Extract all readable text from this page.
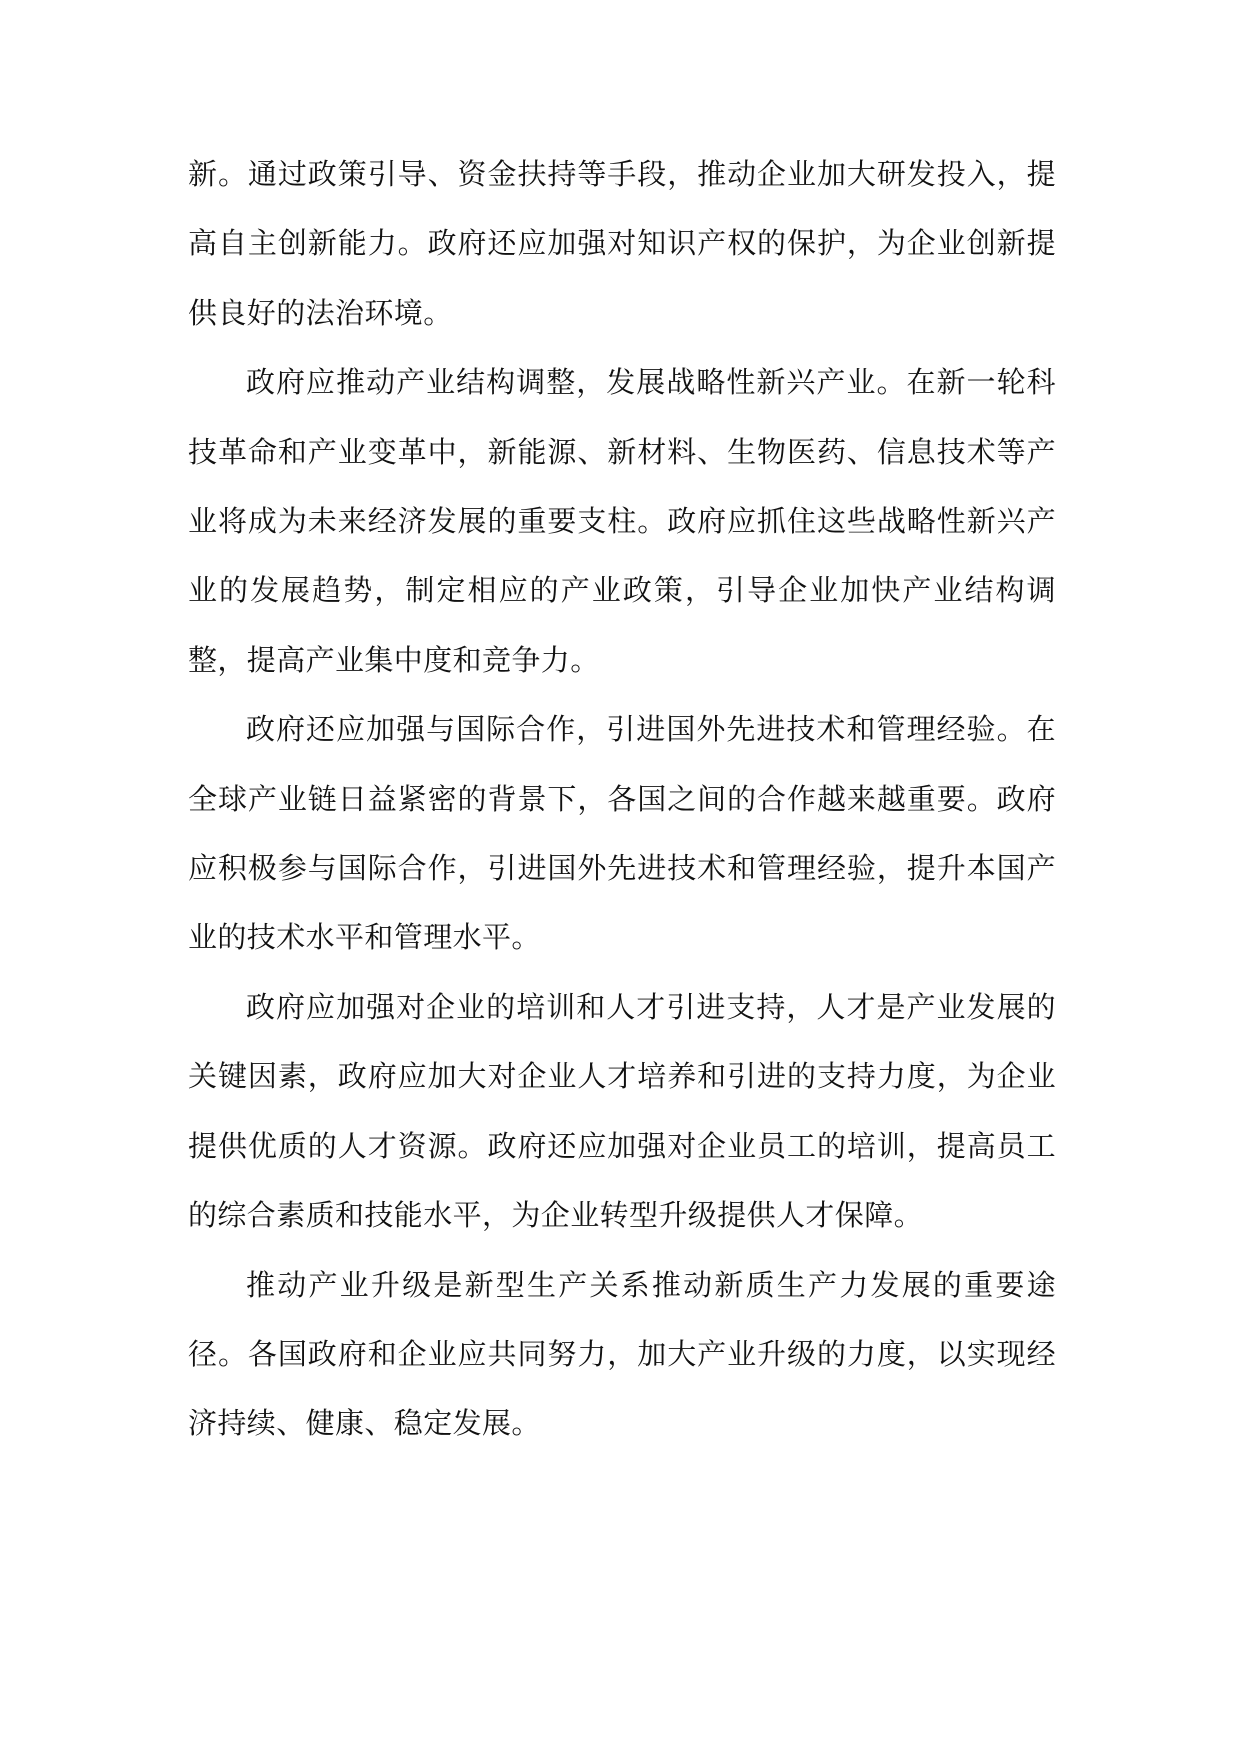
新。通过政策引导、资金扶持等手段，推动企业加大研发投入，提高自主创新能力。政府还应加强对知识产权的保护，为企业创新提供良好的法治环境。

政府应推动产业结构调整，发展战略性新兴产业。在新一轮科技革命和产业变革中，新能源、新材料、生物医药、信息技术等产业将成为未来经济发展的重要支柱。政府应抓住这些战略性新兴产业的发展趋势，制定相应的产业政策，引导企业加快产业结构调整，提高产业集中度和竞争力。

政府还应加强与国际合作，引进国外先进技术和管理经验。在全球产业链日益紧密的背景下，各国之间的合作越来越重要。政府应积极参与国际合作，引进国外先进技术和管理经验，提升本国产业的技术水平和管理水平。

政府应加强对企业的培训和人才引进支持，人才是产业发展的关键因素，政府应加大对企业人才培养和引进的支持力度，为企业提供优质的人才资源。政府还应加强对企业员工的培训，提高员工的综合素质和技能水平，为企业转型升级提供人才保障。

推动产业升级是新型生产关系推动新质生产力发展的重要途径。各国政府和企业应共同努力，加大产业升级的力度，以实现经济持续、健康、稳定发展。
